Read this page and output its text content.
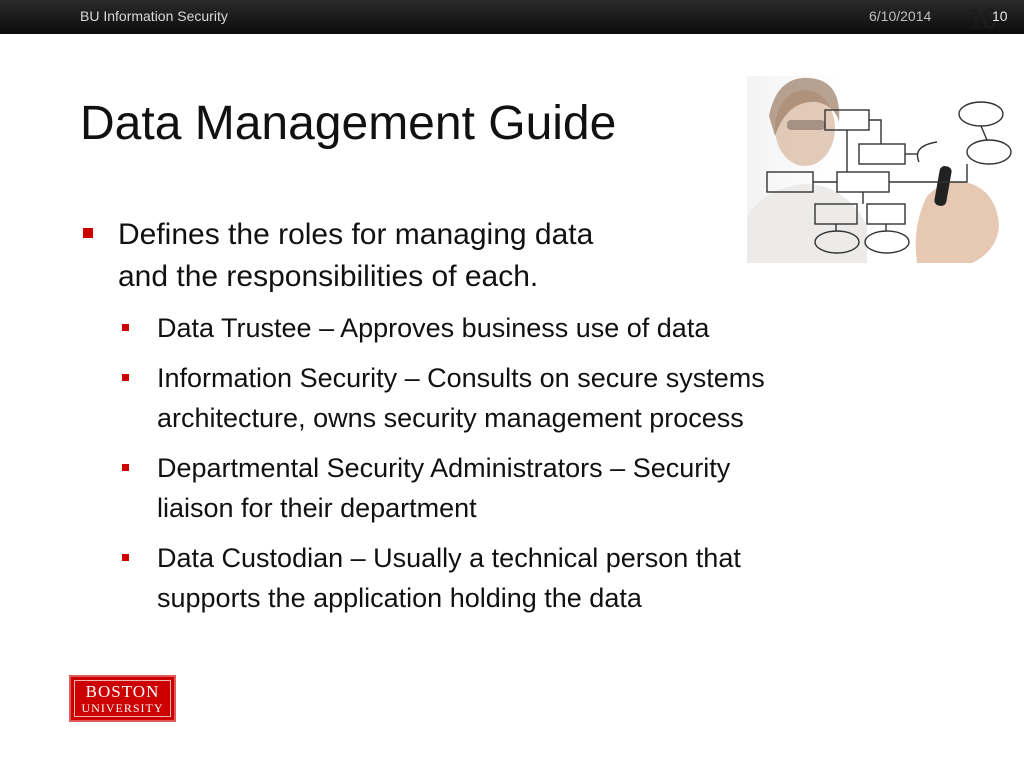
BU Information Security	6/10/2014 10
10
Data Management Guide
Defines the roles for managing data
and the responsibilities of each.
Data Trustee – Approves business use of data
Information Security – Consults on secure systems
architecture, owns security management process
Departmental Security Administrators – Security
liaison for their department
Data Custodian – Usually a technical person that
supports the application holding the data
BOSTON
UNIVERSITY
